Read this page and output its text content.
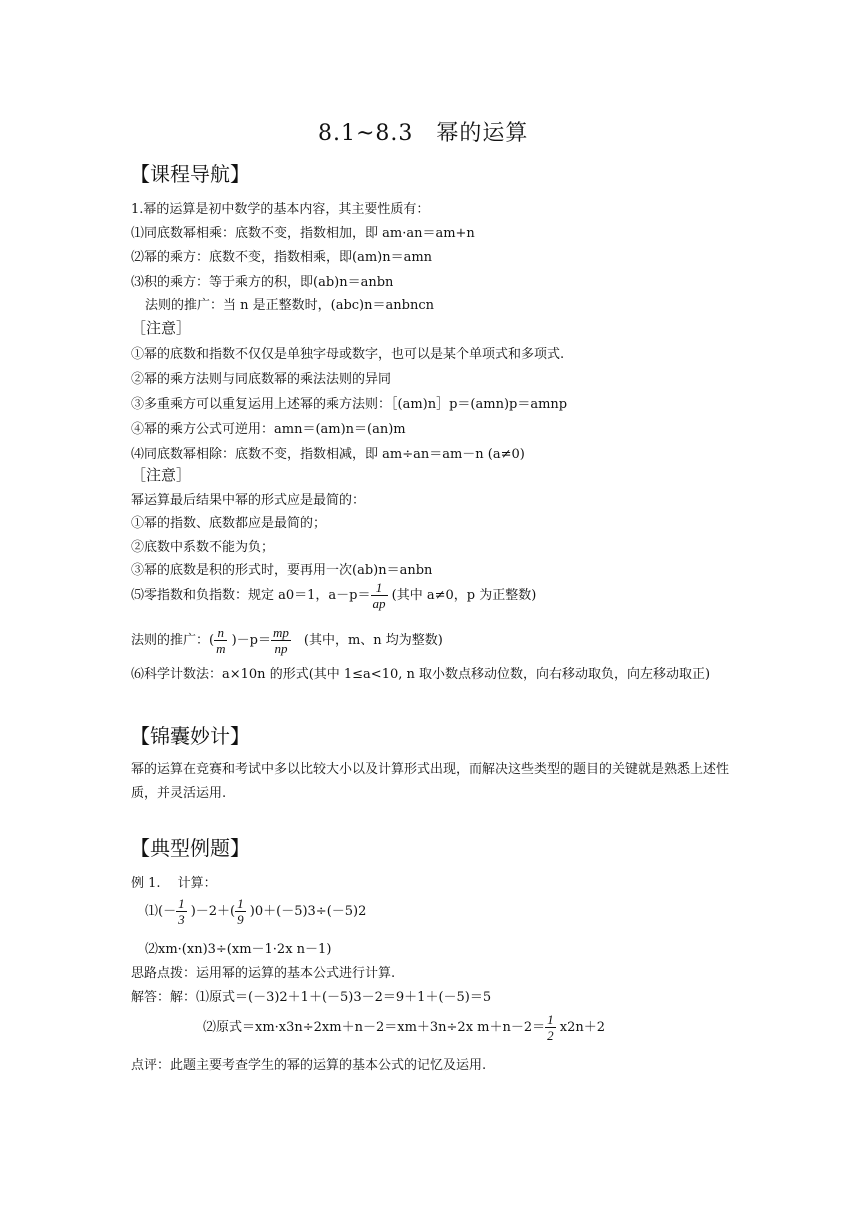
8.1~8.3　幂的运算
【课程导航】
1.幂的运算是初中数学的基本内容，其主要性质有：
⑴同底数幂相乘：底数不变，指数相加，即 am·an＝am+n
⑵幂的乘方：底数不变，指数相乘，即(am)n＝amn
⑶积的乘方：等于乘方的积，即(ab)n＝anbn
法则的推广：当 n 是正整数时，(abc)n＝anbncn
［注意］
①幂的底数和指数不仅仅是单独字母或数字，也可以是某个单项式和多项式.
②幂的乘方法则与同底数幂的乘法法则的异同
③多重乘方可以重复运用上述幂的乘方法则：［(am)n］p＝(amn)p＝amnp
④幂的乘方公式可逆用：amn＝(am)n＝(an)m
⑷同底数幂相除：底数不变，指数相减，即 am÷an＝am－n (a≠0)
［注意］
幂运算最后结果中幂的形式应是最简的：
①幂的指数、底数都应是最简的；
②底数中系数不能为负；
③幂的底数是积的形式时，要再用一次(ab)n＝anbn
⑸零指数和负指数：规定 a0＝1，$a-p= \frac{1}{ap}$ (其中 a≠0，p 为正整数)
法则的推广：( $\frac{n}{m} )-p= \frac{mp}{np}$ 　(其中，m、n 均为整数)
⑹科学计数法：a×10n 的形式(其中 1≤a<10, n 取小数点移动位数，向右移动取负，向左移动取正)
【锦囊妙计】
幂的运算在竞赛和考试中多以比较大小以及计算形式出现，而解决这些类型的题目的关键就是熟悉上述性质，并灵活运用.
【典型例题】
例 1.　 计算：
⑴(－ $\frac{1}{3} )-2+( \frac{1}{9} )0+(-5)3\div(-5)2$
⑵xm·(xn)3÷(xm－1·2x n－1)
思路点拨：运用幂的运算的基本公式进行计算.
解答：解：⑴原式＝(－3)2＋1＋(－5)3－2＝9＋1＋(－5)＝5
⑵原式＝xm·x3n÷2xm＋n－2＝xm＋3n÷2x $m+n-2= \frac{1}{2} x2n+2$
点评：此题主要考查学生的幂的运算的基本公式的记忆及运用.
